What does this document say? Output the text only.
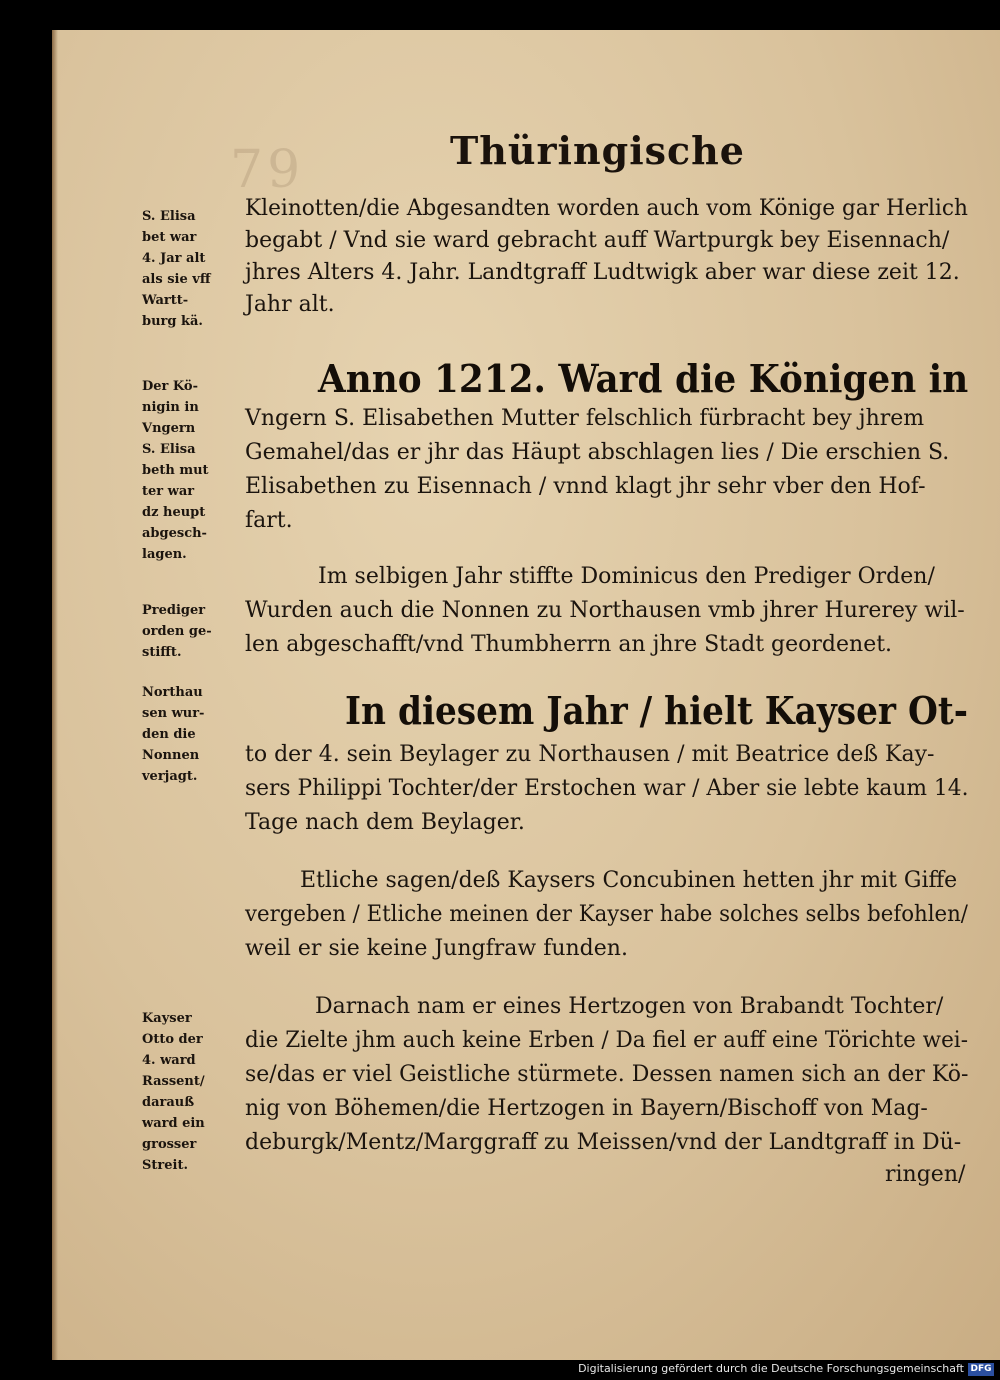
79	Thüringische
Kleinotten/die Abgesandten worden auch vom Könige gar Herlich
begabt / Vnd sie ward gebracht auff Wartpurgk bey Eisennach/
jhres Alters 4. Jahr. Landtgraff Ludtwigk aber war diese zeit 12.
Jahr alt.
Anno 1212. Ward die Königen in
Vngern S. Elisabethen Mutter felschlich fürbracht bey jhrem
Gemahel/das er jhr das Häupt abschlagen lies / Die erschien S.
Elisabethen zu Eisennach / vnnd klagt jhr sehr vber den Hof-
fart.
Im selbigen Jahr stiffte Dominicus den Prediger Orden/
Wurden auch die Nonnen zu Northausen vmb jhrer Hurerey wil-
len abgeschafft/vnd Thumbherrn an jhre Stadt geordenet.
In diesem Jahr / hielt Kayser Ot-
to der 4. sein Beylager zu Northausen / mit Beatrice deß Kay-
sers Philippi Tochter/der Erstochen war / Aber sie lebte kaum 14.
Tage nach dem Beylager.
Etliche sagen/deß Kaysers Concubinen hetten jhr mit Giffe
vergeben / Etliche meinen der Kayser habe solches selbs befohlen/
weil er sie keine Jungfraw funden.
Darnach nam er eines Hertzogen von Brabandt Tochter/
die Zielte jhm auch keine Erben / Da fiel er auff eine Törichte wei-
se/das er viel Geistliche stürmete. Dessen namen sich an der Kö-
nig von Böhemen/die Hertzogen in Bayern/Bischoff von Mag-
deburgk/Mentz/Marggraff zu Meissen/vnd der Landtgraff in Dü-
ringen/
S. Elisa
bet war
4. Jar alt
als sie vff
Wartt-
burg kä.
Der Kö-
nigin in
Vngern
S. Elisa
beth mut
ter war
dz heupt
abgesch-
lagen.
Prediger
orden ge-
stifft.
Northau
sen wur-
den die
Nonnen
verjagt.
Kayser
Otto der
4. ward
Rassent/
darauß
ward ein
grosser
Streit.
Digitalisierung gefördert durch die Deutsche Forschungsgemeinschaft DFG
